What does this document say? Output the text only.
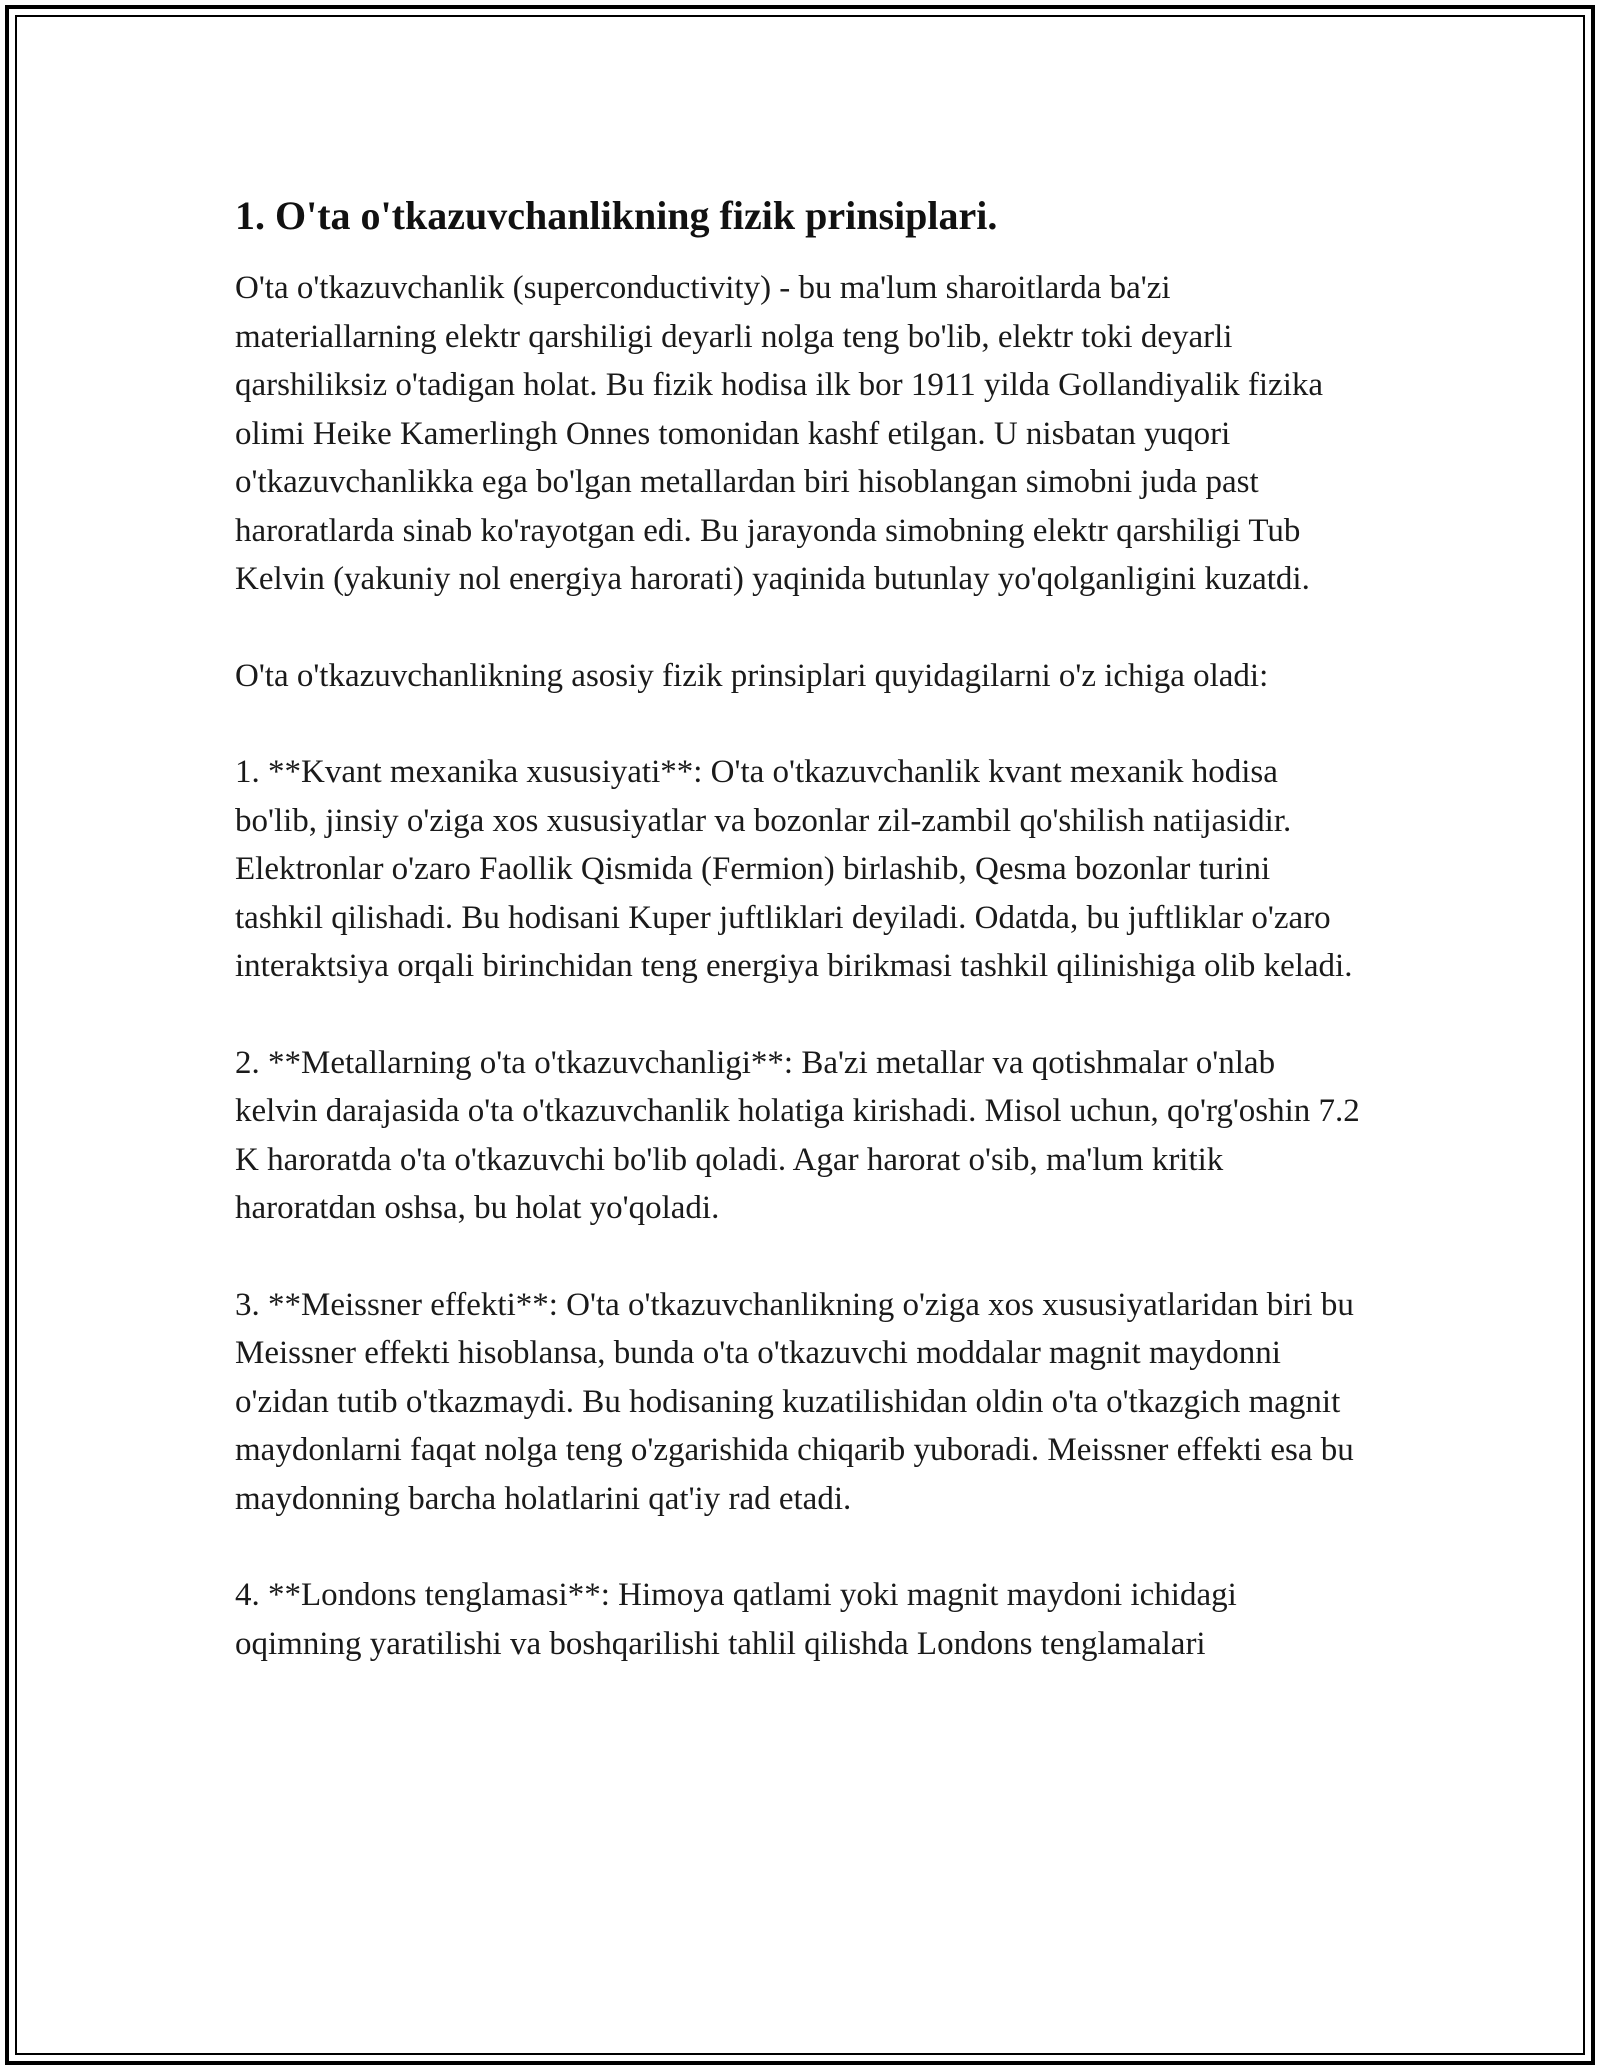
1. O'ta o'tkazuvchanlikning fizik prinsiplari.

O'ta o'tkazuvchanlik (superconductivity) - bu ma'lum sharoitlarda ba'zi materiallarning elektr qarshiligi deyarli nolga teng bo'lib, elektr toki deyarli qarshiliksiz o'tadigan holat. Bu fizik hodisa ilk bor 1911 yilda Gollandiyalik fizika olimi Heike Kamerlingh Onnes tomonidan kashf etilgan. U nisbatan yuqori o'tkazuvchanlikka ega bo'lgan metallardan biri hisoblangan simobni juda past haroratlarda sinab ko'rayotgan edi. Bu jarayonda simobning elektr qarshiligi Tub Kelvin (yakuniy nol energiya harorati) yaqinida butunlay yo'qolganligini kuzatdi.

O'ta o'tkazuvchanlikning asosiy fizik prinsiplari quyidagilarni o'z ichiga oladi:

1. **Kvant mexanika xususiyati**: O'ta o'tkazuvchanlik kvant mexanik hodisa bo'lib, jinsiy o'ziga xos xususiyatlar va bozonlar zil-zambil qo'shilish natijasidir. Elektronlar o'zaro Faollik Qismida (Fermion) birlashib, Qesma bozonlar turini tashkil qilishadi. Bu hodisani Kuper juftliklari deyiladi. Odatda, bu juftliklar o'zaro interaktsiya orqali birinchidan teng energiya birikmasi tashkil qilinishiga olib keladi.

2. **Metallarning o'ta o'tkazuvchanligi**: Ba'zi metallar va qotishmalar o'nlab kelvin darajasida o'ta o'tkazuvchanlik holatiga kirishadi. Misol uchun, qo'rg'oshin 7.2 K haroratda o'ta o'tkazuvchi bo'lib qoladi. Agar harorat o'sib, ma'lum kritik haroratdan oshsa, bu holat yo'qoladi.

3. **Meissner effekti**: O'ta o'tkazuvchanlikning o'ziga xos xususiyatlaridan biri bu Meissner effekti hisoblansa, bunda o'ta o'tkazuvchi moddalar magnit maydonni o'zidan tutib o'tkazmaydi. Bu hodisaning kuzatilishidan oldin o'ta o'tkazgich magnit maydonlarni faqat nolga teng o'zgarishida chiqarib yuboradi. Meissner effekti esa bu maydonning barcha holatlarini qat'iy rad etadi.

4. **Londons tenglamasi**: Himoya qatlami yoki magnit maydoni ichidagi oqimning yaratilishi va boshqarilishi tahlil qilishda Londons tenglamalari
